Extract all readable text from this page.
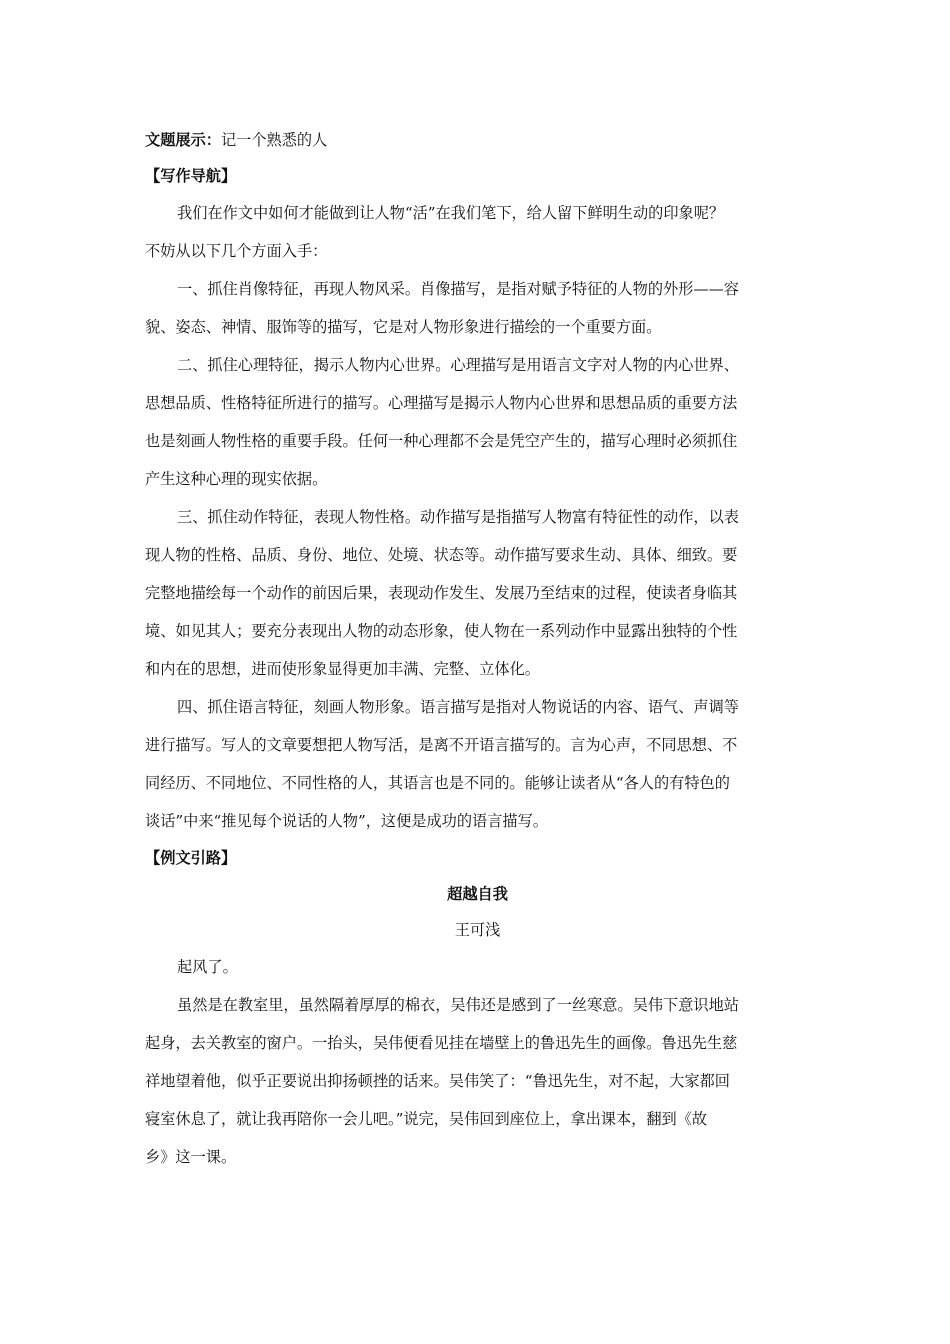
文题展示：记一个熟悉的人
【写作导航】
我们在作文中如何才能做到让人物“活”在我们笔下，给人留下鲜明生动的印象呢？
不妨从以下几个方面入手：
一、抓住肖像特征，再现人物风采。肖像描写，是指对赋予特征的人物的外形——容
貌、姿态、神情、服饰等的描写，它是对人物形象进行描绘的一个重要方面。
二、抓住心理特征，揭示人物内心世界。心理描写是用语言文字对人物的内心世界、
思想品质、性格特征所进行的描写。心理描写是揭示人物内心世界和思想品质的重要方法
也是刻画人物性格的重要手段。任何一种心理都不会是凭空产生的，描写心理时必须抓住
产生这种心理的现实依据。
三、抓住动作特征，表现人物性格。动作描写是指描写人物富有特征性的动作，以表
现人物的性格、品质、身份、地位、处境、状态等。动作描写要求生动、具体、细致。要
完整地描绘每一个动作的前因后果，表现动作发生、发展乃至结束的过程，使读者身临其
境、如见其人；要充分表现出人物的动态形象，使人物在一系列动作中显露出独特的个性
和内在的思想，进而使形象显得更加丰满、完整、立体化。
四、抓住语言特征，刻画人物形象。语言描写是指对人物说话的内容、语气、声调等
进行描写。写人的文章要想把人物写活，是离不开语言描写的。言为心声，不同思想、不
同经历、不同地位、不同性格的人，其语言也是不同的。能够让读者从“各人的有特色的
谈话”中来“推见每个说话的人物”，这便是成功的语言描写。
【例文引路】
超越自我
王可浅
起风了。
虽然是在教室里，虽然隔着厚厚的棉衣，吴伟还是感到了一丝寒意。吴伟下意识地站
起身，去关教室的窗户。一抬头，吴伟便看见挂在墙壁上的鲁迅先生的画像。鲁迅先生慈
祥地望着他，似乎正要说出抑扬顿挫的话来。吴伟笑了：“鲁迅先生，对不起，大家都回
寝室休息了，就让我再陪你一会儿吧。”说完，吴伟回到座位上，拿出课本，翻到《故
乡》这一课。
